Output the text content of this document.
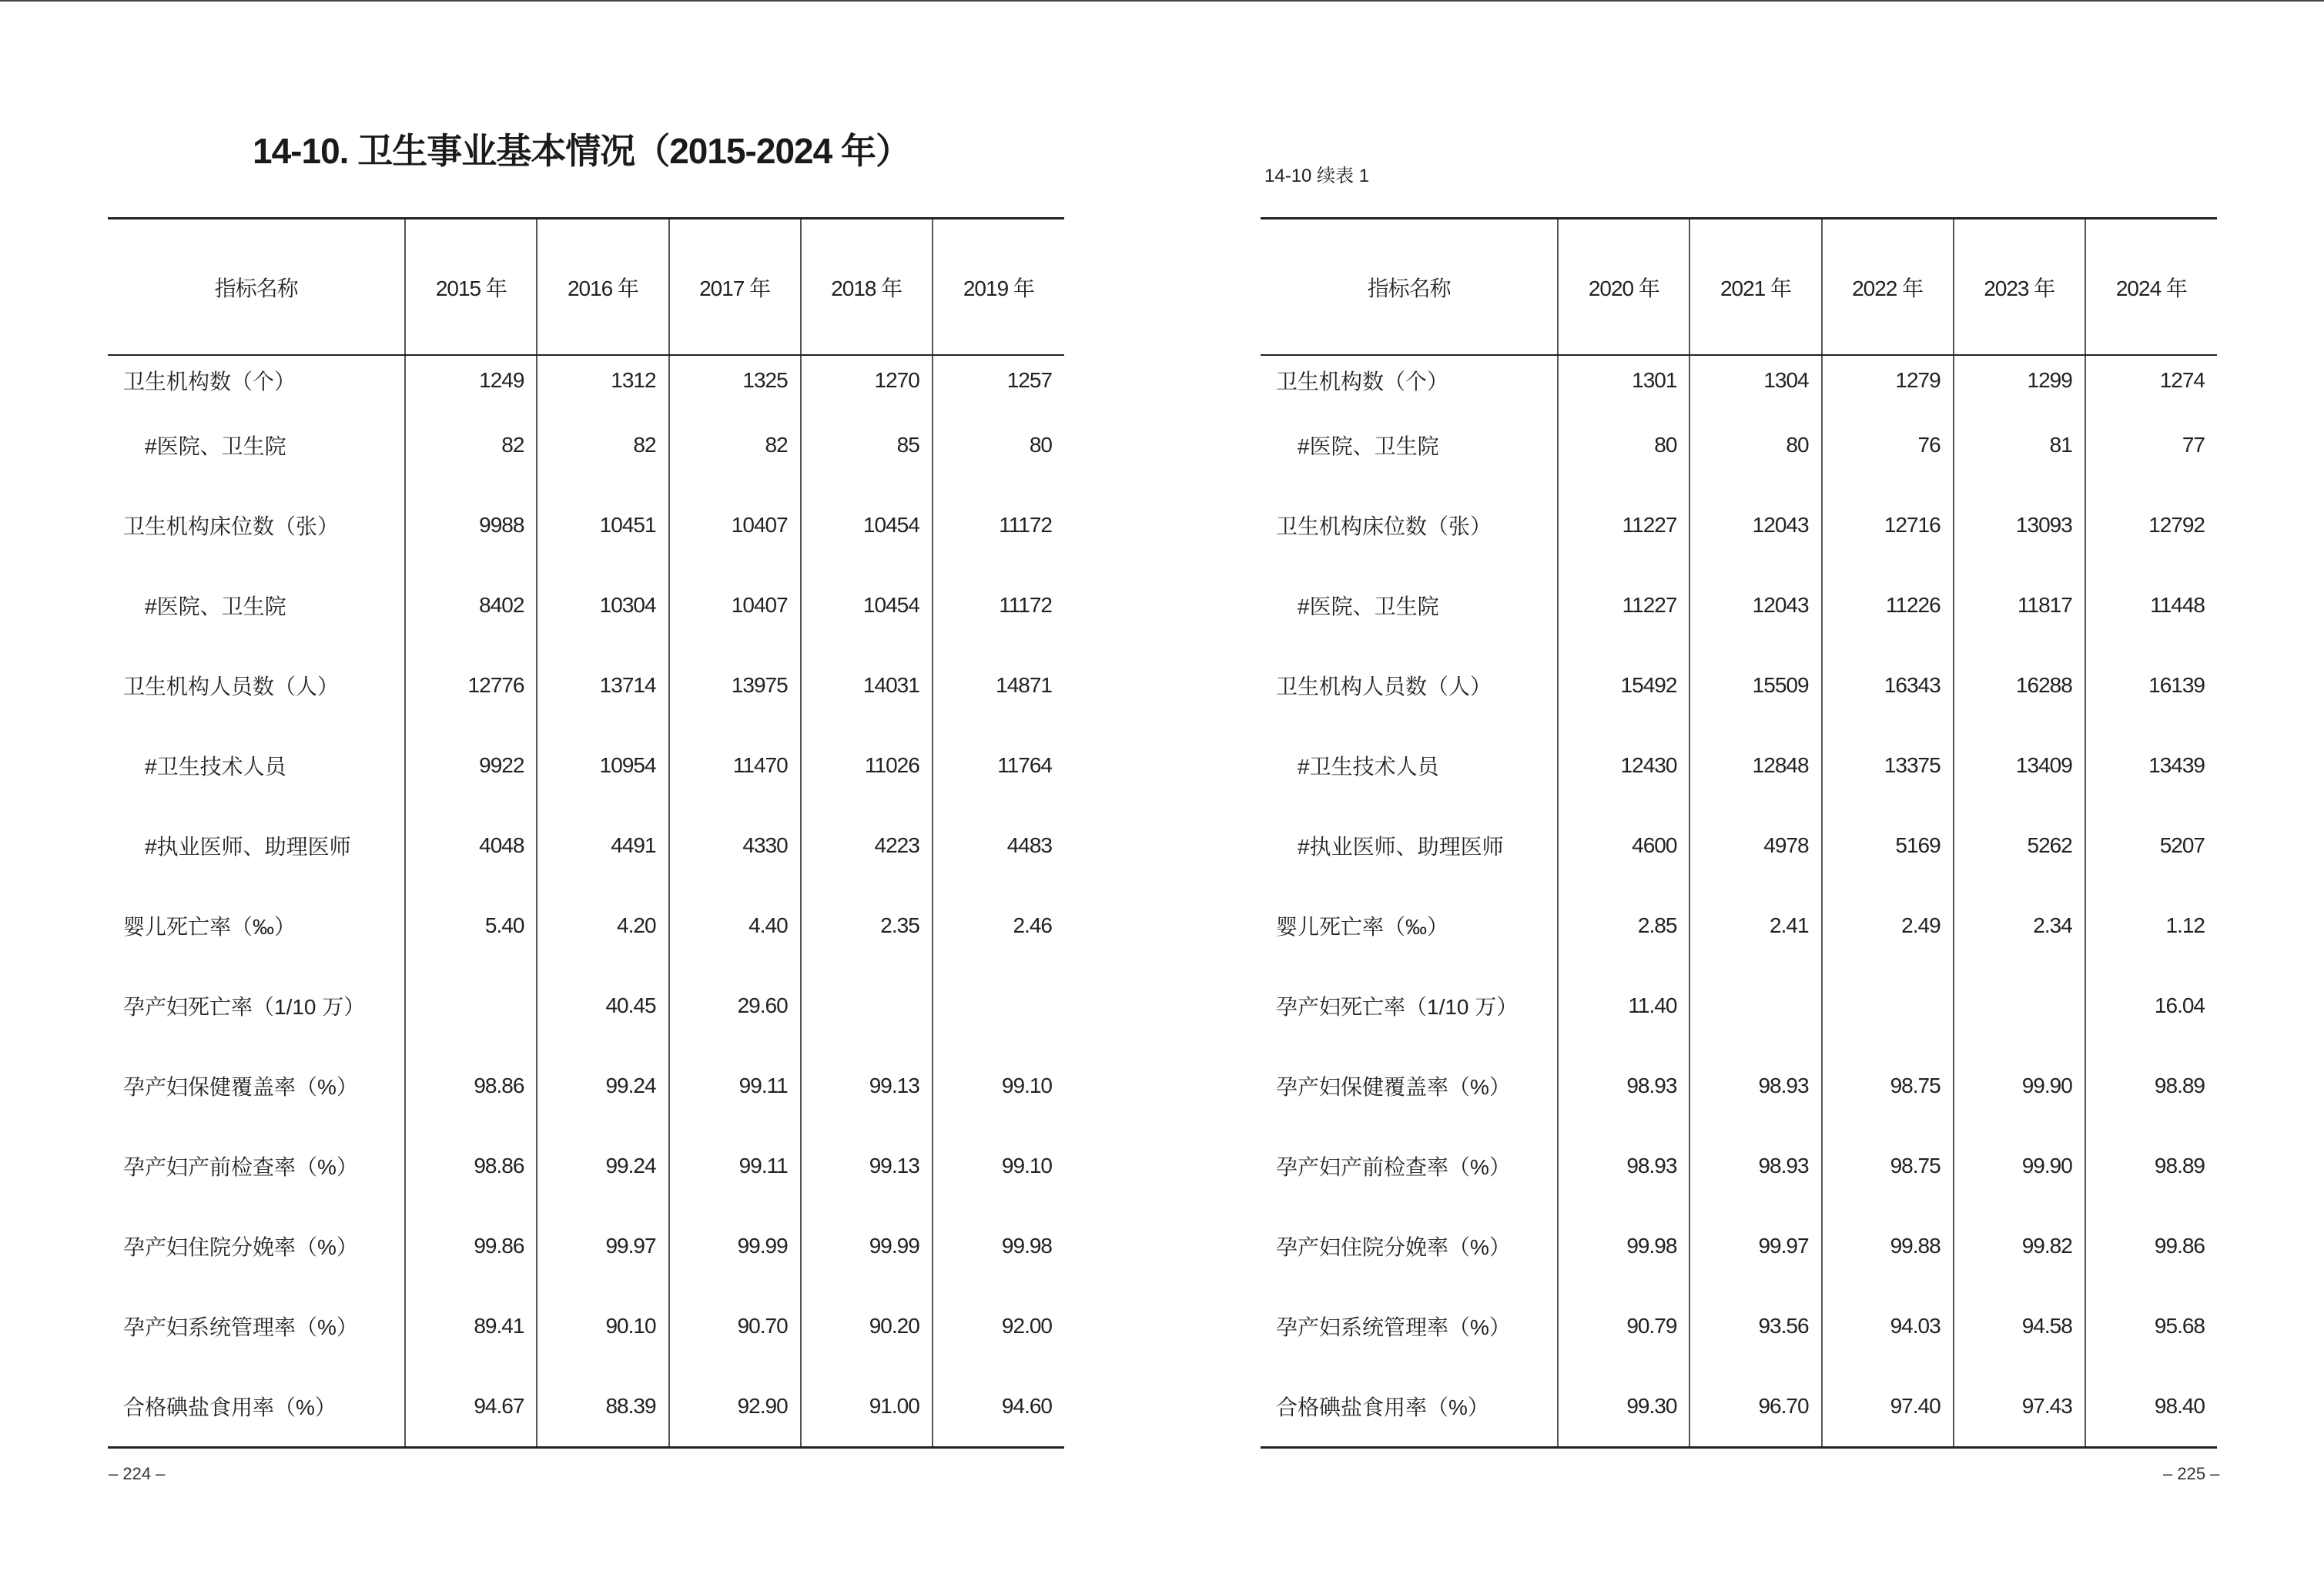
14-10. 卫生事业基本情况（2015-2024 年）
指标名称	2015 年	2016 年	2017 年	2018 年	2019 年
卫生机构数（个）	1249	1312	1325	1270	1257
#医院、卫生院	82	82	82	85	80
卫生机构床位数（张）	9988	10451	10407	10454	11172
#医院、卫生院	8402	10304	10407	10454	11172
卫生机构人员数（人）	12776	13714	13975	14031	14871
#卫生技术人员	9922	10954	11470	11026	11764
#执业医师、助理医师	4048	4491	4330	4223	4483
婴儿死亡率（‰）	5.40	4.20	4.40	2.35	2.46
孕产妇死亡率（1/10 万）		40.45	29.60		
孕产妇保健覆盖率（%）	98.86	99.24	99.11	99.13	99.10
孕产妇产前检查率（%）	98.86	99.24	99.11	99.13	99.10
孕产妇住院分娩率（%）	99.86	99.97	99.99	99.99	99.98
孕产妇系统管理率（%）	89.41	90.10	90.70	90.20	92.00
合格碘盐食用率（%）	94.67	88.39	92.90	91.00	94.60
– 224 –
14-10 续表 1
指标名称	2020 年	2021 年	2022 年	2023 年	2024 年
卫生机构数（个）	1301	1304	1279	1299	1274
#医院、卫生院	80	80	76	81	77
卫生机构床位数（张）	11227	12043	12716	13093	12792
#医院、卫生院	11227	12043	11226	11817	11448
卫生机构人员数（人）	15492	15509	16343	16288	16139
#卫生技术人员	12430	12848	13375	13409	13439
#执业医师、助理医师	4600	4978	5169	5262	5207
婴儿死亡率（‰）	2.85	2.41	2.49	2.34	1.12
孕产妇死亡率（1/10 万）	11.40				16.04
孕产妇保健覆盖率（%）	98.93	98.93	98.75	99.90	98.89
孕产妇产前检查率（%）	98.93	98.93	98.75	99.90	98.89
孕产妇住院分娩率（%）	99.98	99.97	99.88	99.82	99.86
孕产妇系统管理率（%）	90.79	93.56	94.03	94.58	95.68
合格碘盐食用率（%）	99.30	96.70	97.40	97.43	98.40
– 225 –
